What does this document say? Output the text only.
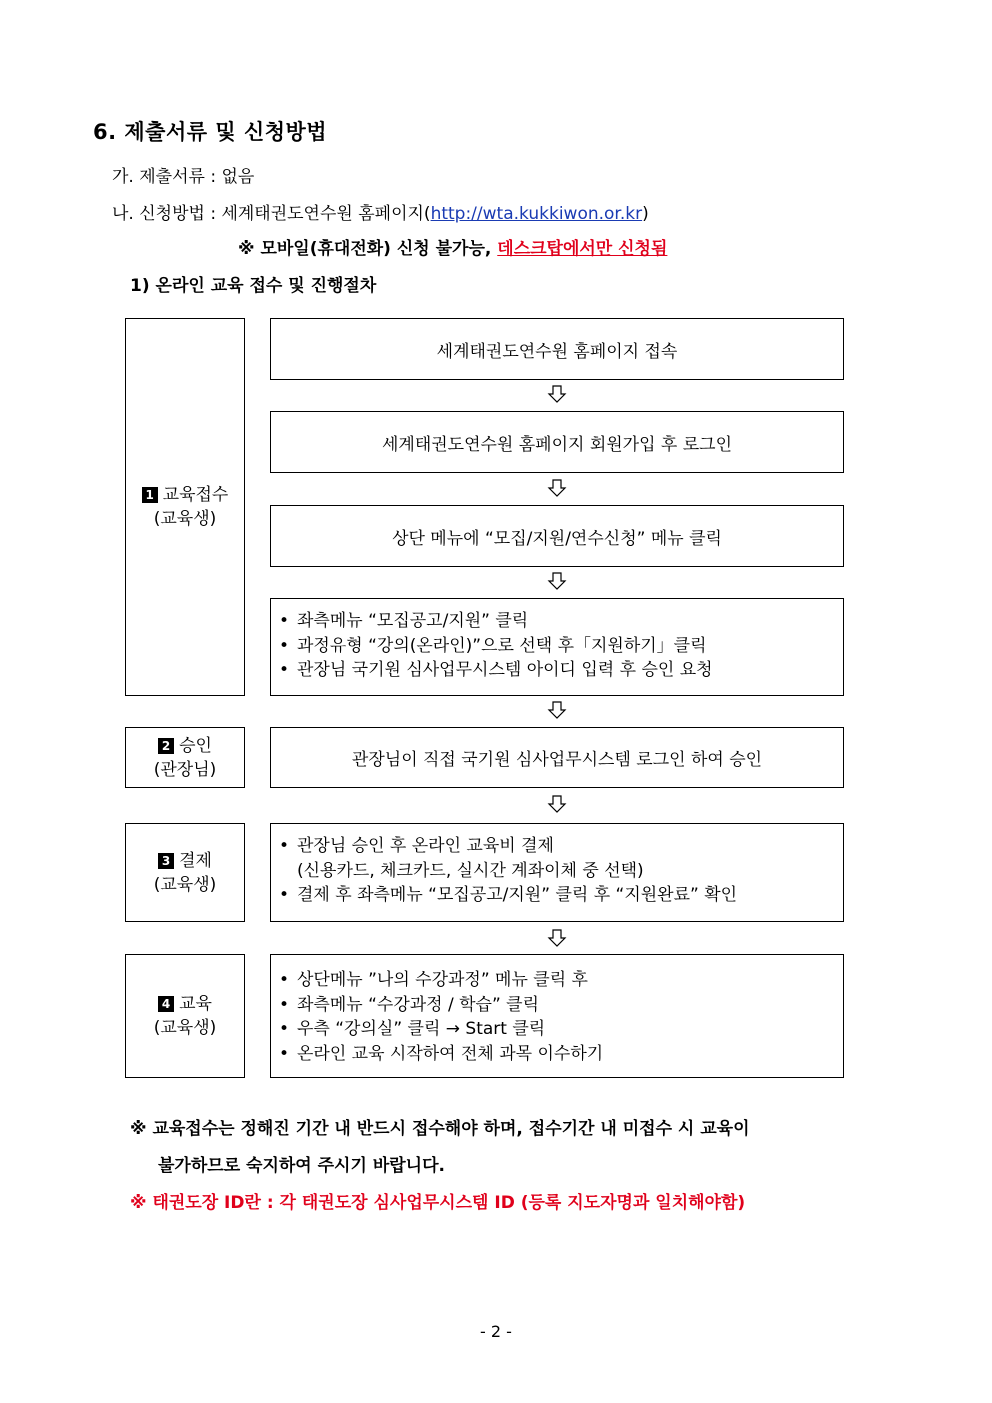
6. 제출서류 및 신청방법
가. 제출서류 : 없음
나. 신청방법 : 세계태권도연수원 홈페이지(http://wta.kukkiwon.or.kr)
※ 모바일(휴대전화) 신청 불가능, 데스크탑에서만 신청됨
1) 온라인 교육 접수 및 진행절차
1 교육접수
(교육생)
2 승인
(관장님)
3 결제
(교육생)
4 교육
(교육생)
세계태권도연수원 홈페이지 접속
세계태권도연수원 홈페이지 회원가입 후 로그인
상단 메뉴에 “모집/지원/연수신청” 메뉴 클릭
• 좌측메뉴 “모집공고/지원” 클릭
• 과정유형 “강의(온라인)”으로 선택 후「지원하기」클릭
• 관장님 국기원 심사업무시스템 아이디 입력 후 승인 요청
관장님이 직접 국기원 심사업무시스템 로그인 하여 승인
• 관장님 승인 후 온라인 교육비 결제
(신용카드, 체크카드, 실시간 계좌이체 중 선택)
• 결제 후 좌측메뉴 “모집공고/지원” 클릭 후 “지원완료” 확인
• 상단메뉴 ”나의 수강과정” 메뉴 클릭 후
• 좌측메뉴 “수강과정 / 학습” 클릭
• 우측 “강의실” 클릭 → Start 클릭
• 온라인 교육 시작하여 전체 과목 이수하기
※ 교육접수는 정해진 기간 내 반드시 접수해야 하며, 접수기간 내 미접수 시 교육이
불가하므로 숙지하여 주시기 바랍니다.
※ 태권도장 ID란 : 각 태권도장 심사업무시스템 ID (등록 지도자명과 일치해야함)
- 2 -
